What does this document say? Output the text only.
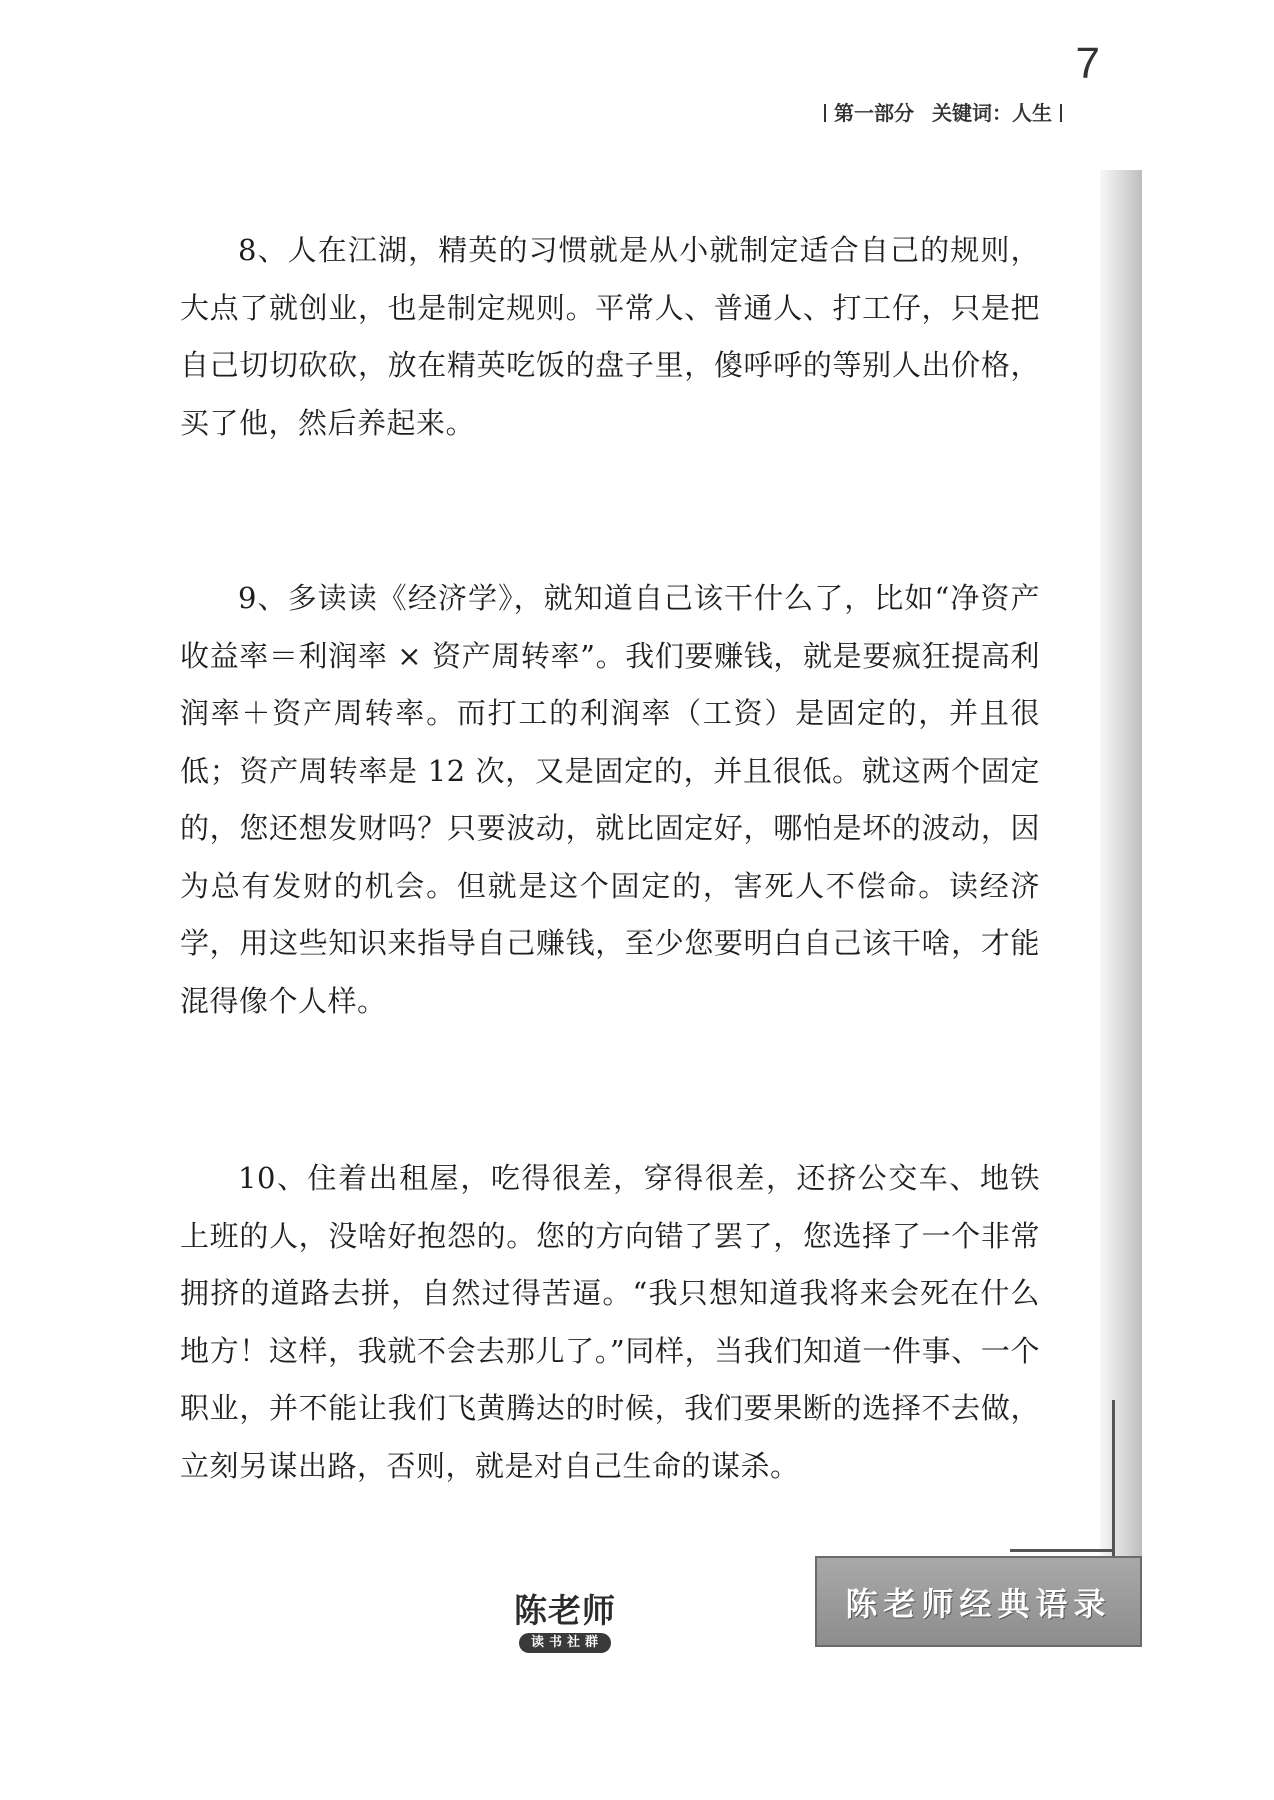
7
第一部分 关键词：人生

8、人在江湖，精英的习惯就是从小就制定适合自己的规则，大点了就创业，也是制定规则。平常人、普通人、打工仔，只是把自己切切砍砍，放在精英吃饭的盘子里，傻呼呼的等别人出价格，买了他，然后养起来。

9、多读读《经济学》，就知道自己该干什么了，比如“净资产收益率＝利润率 × 资产周转率”。我们要赚钱，就是要疯狂提高利润率＋资产周转率。而打工的利润率（工资）是固定的，并且很低；资产周转率是 12 次，又是固定的，并且很低。就这两个固定的，您还想发财吗？只要波动，就比固定好，哪怕是坏的波动，因为总有发财的机会。但就是这个固定的，害死人不偿命。读经济学，用这些知识来指导自己赚钱，至少您要明白自己该干啥，才能混得像个人样。

10、住着出租屋，吃得很差，穿得很差，还挤公交车、地铁上班的人，没啥好抱怨的。您的方向错了罢了，您选择了一个非常拥挤的道路去拼，自然过得苦逼。“我只想知道我将来会死在什么地方！这样，我就不会去那儿了。”同样，当我们知道一件事、一个职业，并不能让我们飞黄腾达的时候，我们要果断的选择不去做，立刻另谋出路，否则，就是对自己生命的谋杀。

陈老师经典语录
陈老师
读书社群
